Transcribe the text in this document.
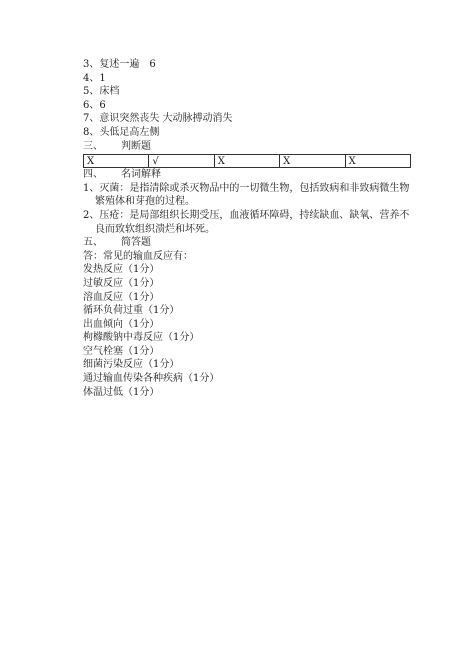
3、复述一遍　6
4、1
5、床档
6、6
7、意识突然丧失 大动脉搏动消失
8、头低足高左侧
三、 判断题
X	√	X	X	X
四、 名词解释
1、灭菌：是指清除或杀灭物品中的一切微生物，包括致病和非致病微生物繁殖体和芽孢的过程。
2、压疮：是局部组织长期受压，血液循环障碍，持续缺血、缺氧、营养不良而致软组织溃烂和坏死。
五、 简答题
答：常见的输血反应有：
发热反应（1分）
过敏反应（1分）
溶血反应（1分）
循环负荷过重（1分）
出血倾向（1分）
枸橼酸钠中毒反应（1分）
空气栓塞（1分）
细菌污染反应（1分）
通过输血传染各种疾病（1分）
体温过低（1分）
